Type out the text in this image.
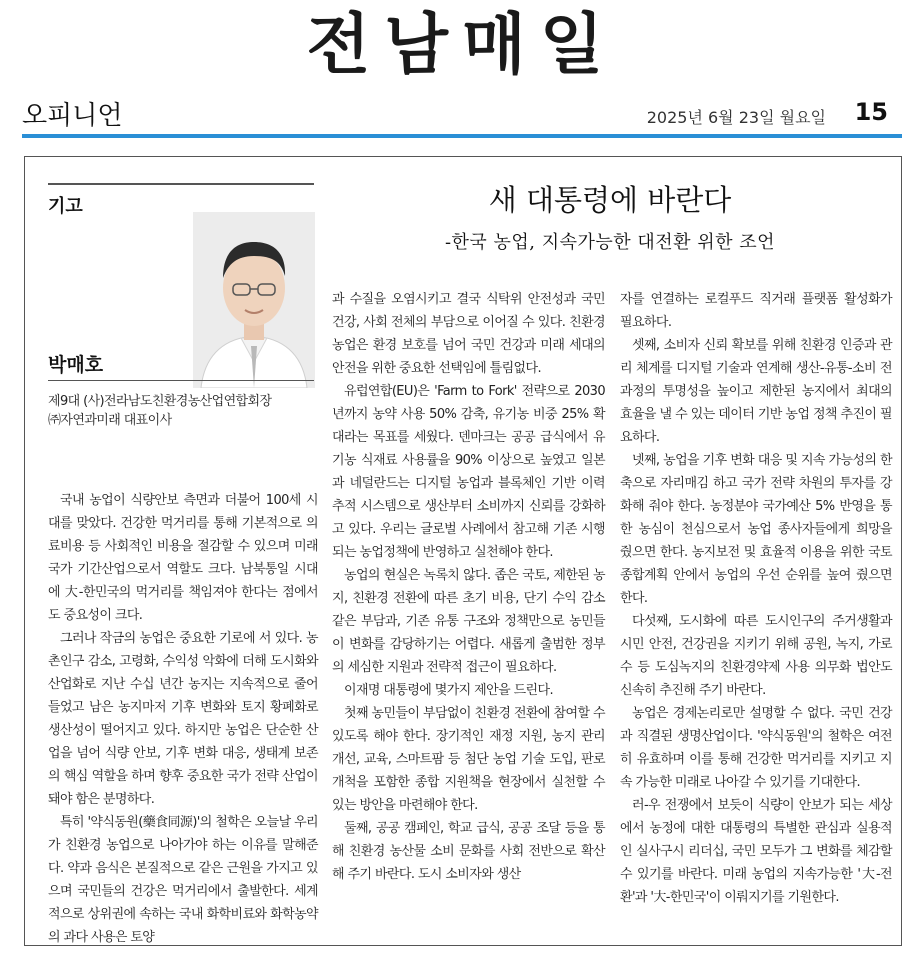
전남매일
오피니언	2025년 6월 23일 월요일 15
기고
박매호
제9대 (사)전라남도친환경농산업연합회장
㈜자연과미래 대표이사
새 대통령에 바란다
-한국 농업, 지속가능한 대전환 위한 조언

국내 농업이 식량안보 측면과 더불어 100세 시대를 맞았다. 건강한 먹거리를 통해 기본적으로 의료비용 등 사회적인 비용을 절감할 수 있으며 미래 국가 기간산업으로서 역할도 크다. 남북통일 시대에 大-한민국의 먹거리를 책임져야 한다는 점에서도 중요성이 크다.

그러나 작금의 농업은 중요한 기로에 서 있다. 농촌인구 감소, 고령화, 수익성 악화에 더해 도시화와 산업화로 지난 수십 년간 농지는 지속적으로 줄어들었고 남은 농지마저 기후 변화와 토지 황폐화로 생산성이 떨어지고 있다. 하지만 농업은 단순한 산업을 넘어 식량 안보, 기후 변화 대응, 생태계 보존의 핵심 역할을 하며 향후 중요한 국가 전략 산업이 돼야 함은 분명하다.

특히 '약식동원(藥食同源)'의 철학은 오늘날 우리가 친환경 농업으로 나아가야 하는 이유를 말해준다. 약과 음식은 본질적으로 같은 근원을 가지고 있으며 국민들의 건강은 먹거리에서 출발한다. 세계적으로 상위권에 속하는 국내 화학비료와 화학농약의 과다 사용은 토양

과 수질을 오염시키고 결국 식탁위 안전성과 국민 건강, 사회 전체의 부담으로 이어질 수 있다. 친환경 농업은 환경 보호를 넘어 국민 건강과 미래 세대의 안전을 위한 중요한 선택임에 틀림없다.

유럽연합(EU)은 'Farm to Fork' 전략으로 2030년까지 농약 사용 50% 감축, 유기농 비중 25% 확대라는 목표를 세웠다. 덴마크는 공공 급식에서 유기농 식재료 사용률을 90% 이상으로 높였고 일본과 네덜란드는 디지털 농업과 블록체인 기반 이력 추적 시스템으로 생산부터 소비까지 신뢰를 강화하고 있다. 우리는 글로벌 사례에서 참고해 기존 시행되는 농업정책에 반영하고 실천해야 한다.

농업의 현실은 녹록치 않다. 좁은 국토, 제한된 농지, 친환경 전환에 따른 초기 비용, 단기 수익 감소 같은 부담과, 기존 유통 구조와 정책만으로 농민들이 변화를 감당하기는 어렵다. 새롭게 출범한 정부의 세심한 지원과 전략적 접근이 필요하다.

이재명 대통령에 몇가지 제안을 드린다.

첫째 농민들이 부담없이 친환경 전환에 참여할 수 있도록 해야 한다. 장기적인 재정 지원, 농지 관리 개선, 교육, 스마트팜 등 첨단 농업 기술 도입, 판로 개척을 포함한 종합 지원책을 현장에서 실천할 수 있는 방안을 마련해야 한다.

둘째, 공공 캠페인, 학교 급식, 공공 조달 등을 통해 친환경 농산물 소비 문화를 사회 전반으로 확산해 주기 바란다. 도시 소비자와 생산

자를 연결하는 로컬푸드 직거래 플랫폼 활성화가 필요하다.

셋째, 소비자 신뢰 확보를 위해 친환경 인증과 관리 체계를 디지털 기술과 연계해 생산-유통-소비 전 과정의 투명성을 높이고 제한된 농지에서 최대의 효율을 낼 수 있는 데이터 기반 농업 정책 추진이 필요하다.

넷째, 농업을 기후 변화 대응 및 지속 가능성의 한 축으로 자리매김 하고 국가 전략 차원의 투자를 강화해 줘야 한다. 농정분야 국가예산 5% 반영을 통한 농심이 천심으로서 농업 종사자들에게 희망을 줬으면 한다. 농지보전 및 효율적 이용을 위한 국토 종합계획 안에서 농업의 우선 순위를 높여 줬으면 한다.

다섯째, 도시화에 따른 도시인구의 주거생활과 시민 안전, 건강권을 지키기 위해 공원, 녹지, 가로수 등 도심녹지의 친환경약제 사용 의무화 법안도 신속히 추진해 주기 바란다.

농업은 경제논리로만 설명할 수 없다. 국민 건강과 직결된 생명산업이다. '약식동원'의 철학은 여전히 유효하며 이를 통해 건강한 먹거리를 지키고 지속 가능한 미래로 나아갈 수 있기를 기대한다.

러-우 전쟁에서 보듯이 식량이 안보가 되는 세상에서 농정에 대한 대통령의 특별한 관심과 실용적인 실사구시 리더십, 국민 모두가 그 변화를 체감할 수 있기를 바란다. 미래 농업의 지속가능한 '大-전환'과 '大-한민국'이 이뤄지기를 기원한다.
